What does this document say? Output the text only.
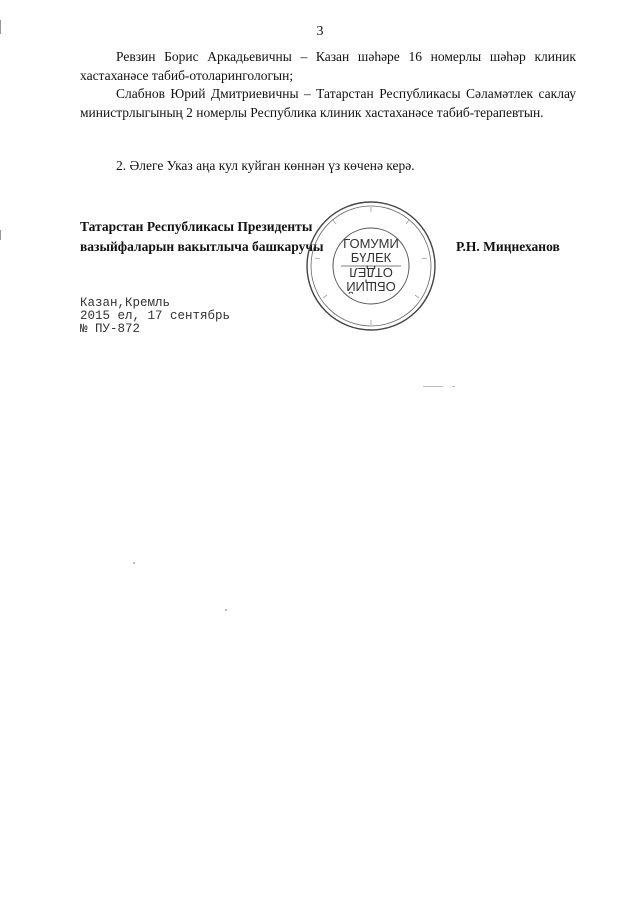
3

Ревзин Борис Аркадьевичны – Казан шәһәре 16 номерлы шәһәр клиник хастаханәсе табиб-отоларингологын;

Слабнов Юрий Дмитриевичны – Татарстан Республикасы Сәламәтлек саклау министрлыгының 2 номерлы Республика клиник хастаханәсе табиб-терапевтын.

2. Әлеге Указ аңа кул куйган көннән үз көченә керә.

Татарстан Республикасы Президенты
вазыйфаларын вакытлыча башкаручы	Р.Н. Миңнеханов
ГОМУМИ
БҮЛЕК
ОТДЕЛ
ОБЩИЙ
Казан,Кремль
2015 ел, 17 сентябрь
№ ПУ-872
